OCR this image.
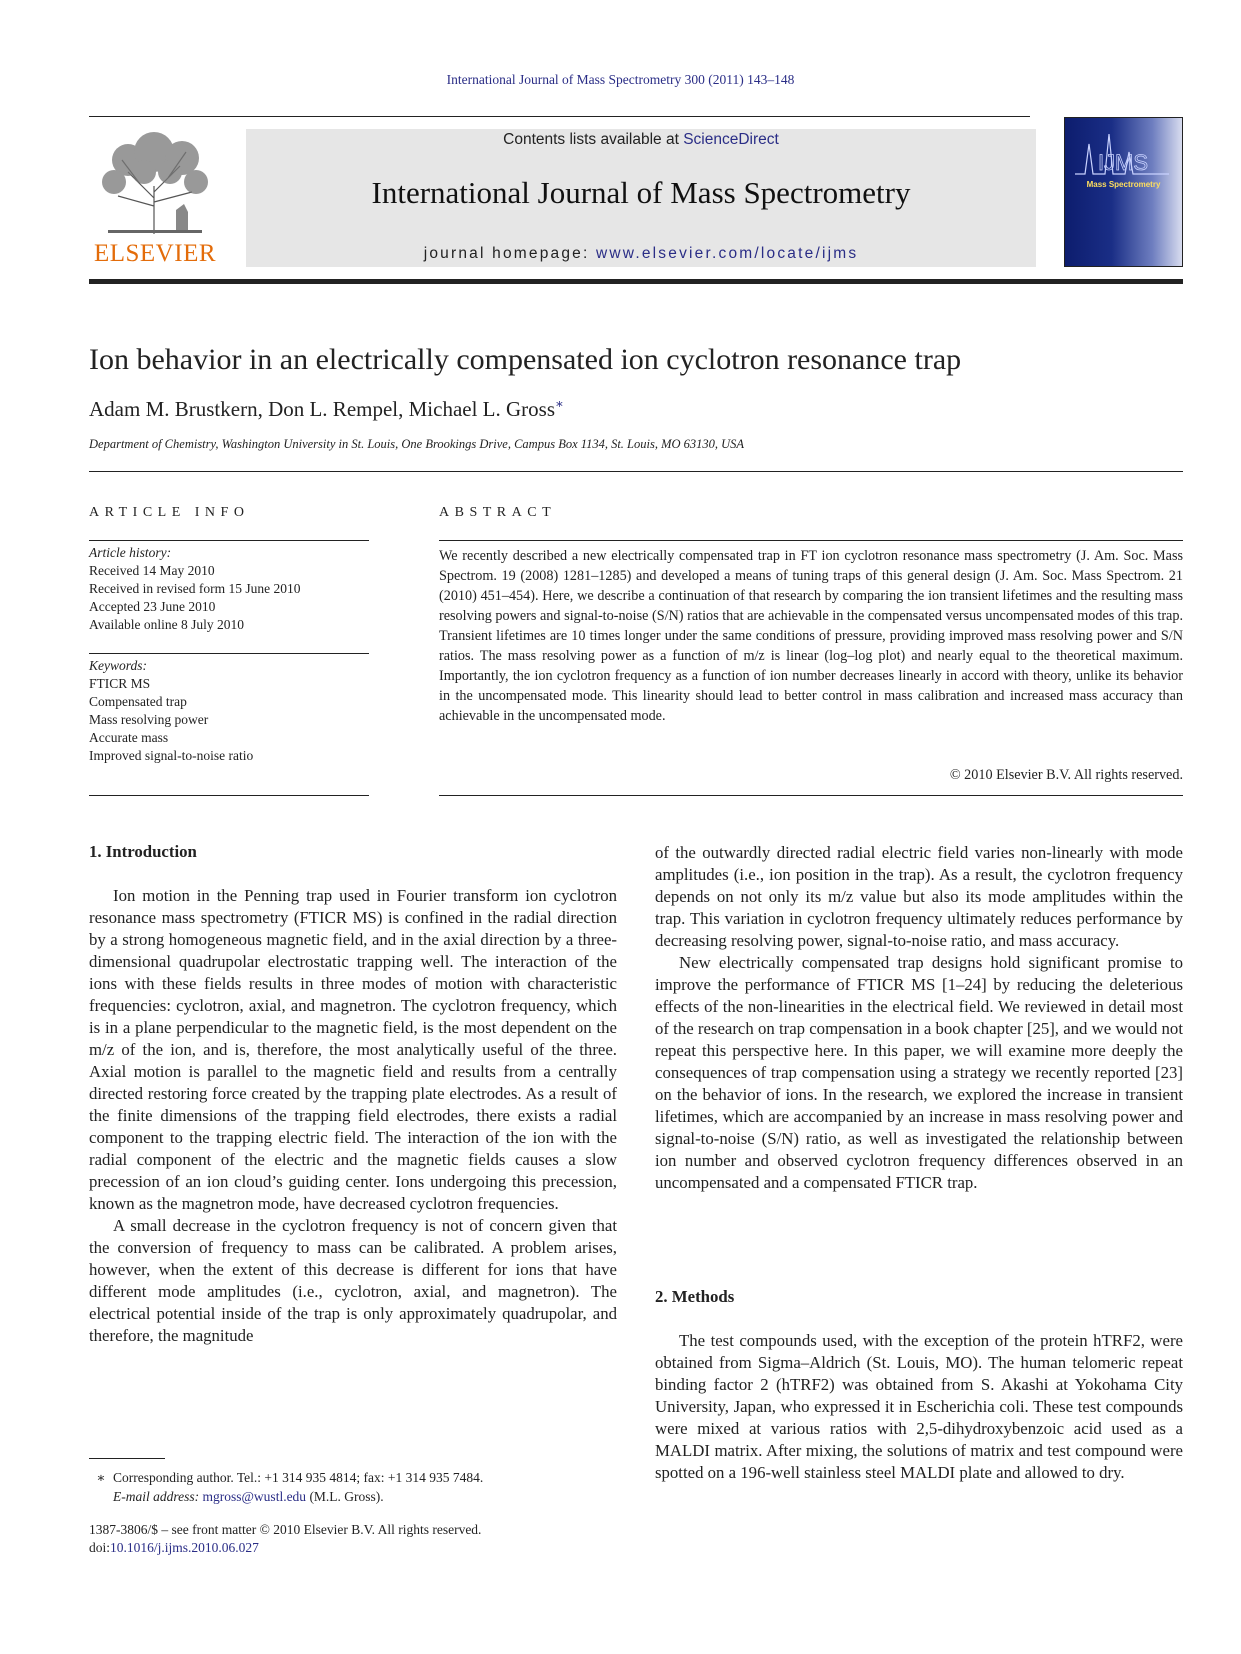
International Journal of Mass Spectrometry 300 (2011) 143–148
ELSEVIER
Contents lists available at ScienceDirect
International Journal of Mass Spectrometry
journal homepage: www.elsevier.com/locate/ijms
IJMS
Mass Spectrometry
Ion behavior in an electrically compensated ion cyclotron resonance trap
Adam M. Brustkern, Don L. Rempel, Michael L. Gross∗
Department of Chemistry, Washington University in St. Louis, One Brookings Drive, Campus Box 1134, St. Louis, MO 63130, USA
ARTICLE INFO
Article history:
Received 14 May 2010
Received in revised form 15 June 2010
Accepted 23 June 2010
Available online 8 July 2010
Keywords:
FTICR MS
Compensated trap
Mass resolving power
Accurate mass
Improved signal-to-noise ratio
ABSTRACT
We recently described a new electrically compensated trap in FT ion cyclotron resonance mass spectrometry (J. Am. Soc. Mass Spectrom. 19 (2008) 1281–1285) and developed a means of tuning traps of this general design (J. Am. Soc. Mass Spectrom. 21 (2010) 451–454). Here, we describe a continuation of that research by comparing the ion transient lifetimes and the resulting mass resolving powers and signal-to-noise (S/N) ratios that are achievable in the compensated versus uncompensated modes of this trap. Transient lifetimes are 10 times longer under the same conditions of pressure, providing improved mass resolving power and S/N ratios. The mass resolving power as a function of m/z is linear (log–log plot) and nearly equal to the theoretical maximum. Importantly, the ion cyclotron frequency as a function of ion number decreases linearly in accord with theory, unlike its behavior in the uncompensated mode. This linearity should lead to better control in mass calibration and increased mass accuracy than achievable in the uncompensated mode.
© 2010 Elsevier B.V. All rights reserved.
1. Introduction

Ion motion in the Penning trap used in Fourier transform ion cyclotron resonance mass spectrometry (FTICR MS) is confined in the radial direction by a strong homogeneous magnetic field, and in the axial direction by a three-dimensional quadrupolar electrostatic trapping well. The interaction of the ions with these fields results in three modes of motion with characteristic frequencies: cyclotron, axial, and magnetron. The cyclotron frequency, which is in a plane perpendicular to the magnetic field, is the most dependent on the m/z of the ion, and is, therefore, the most analytically useful of the three. Axial motion is parallel to the magnetic field and results from a centrally directed restoring force created by the trapping plate electrodes. As a result of the finite dimensions of the trapping field electrodes, there exists a radial component to the trapping electric field. The interaction of the ion with the radial component of the electric and the magnetic fields causes a slow precession of an ion cloud’s guiding center. Ions undergoing this precession, known as the magnetron mode, have decreased cyclotron frequencies.

A small decrease in the cyclotron frequency is not of concern given that the conversion of frequency to mass can be calibrated. A problem arises, however, when the extent of this decrease is different for ions that have different mode amplitudes (i.e., cyclotron, axial, and magnetron). The electrical potential inside of the trap is only approximately quadrupolar, and therefore, the magnitude

∗ Corresponding author. Tel.: +1 314 935 4814; fax: +1 314 935 7484.
E-mail address: mgross@wustl.edu (M.L. Gross).
1387-3806/$ – see front matter © 2010 Elsevier B.V. All rights reserved.
doi:10.1016/j.ijms.2010.06.027

of the outwardly directed radial electric field varies non-linearly with mode amplitudes (i.e., ion position in the trap). As a result, the cyclotron frequency depends on not only its m/z value but also its mode amplitudes within the trap. This variation in cyclotron frequency ultimately reduces performance by decreasing resolving power, signal-to-noise ratio, and mass accuracy.

New electrically compensated trap designs hold significant promise to improve the performance of FTICR MS [1–24] by reducing the deleterious effects of the non-linearities in the electrical field. We reviewed in detail most of the research on trap compensation in a book chapter [25], and we would not repeat this perspective here. In this paper, we will examine more deeply the consequences of trap compensation using a strategy we recently reported [23] on the behavior of ions. In the research, we explored the increase in transient lifetimes, which are accompanied by an increase in mass resolving power and signal-to-noise (S/N) ratio, as well as investigated the relationship between ion number and observed cyclotron frequency differences observed in an uncompensated and a compensated FTICR trap.

2. Methods

The test compounds used, with the exception of the protein hTRF2, were obtained from Sigma–Aldrich (St. Louis, MO). The human telomeric repeat binding factor 2 (hTRF2) was obtained from S. Akashi at Yokohama City University, Japan, who expressed it in Escherichia coli. These test compounds were mixed at various ratios with 2,5-dihydroxybenzoic acid used as a MALDI matrix. After mixing, the solutions of matrix and test compound were spotted on a 196-well stainless steel MALDI plate and allowed to dry.
